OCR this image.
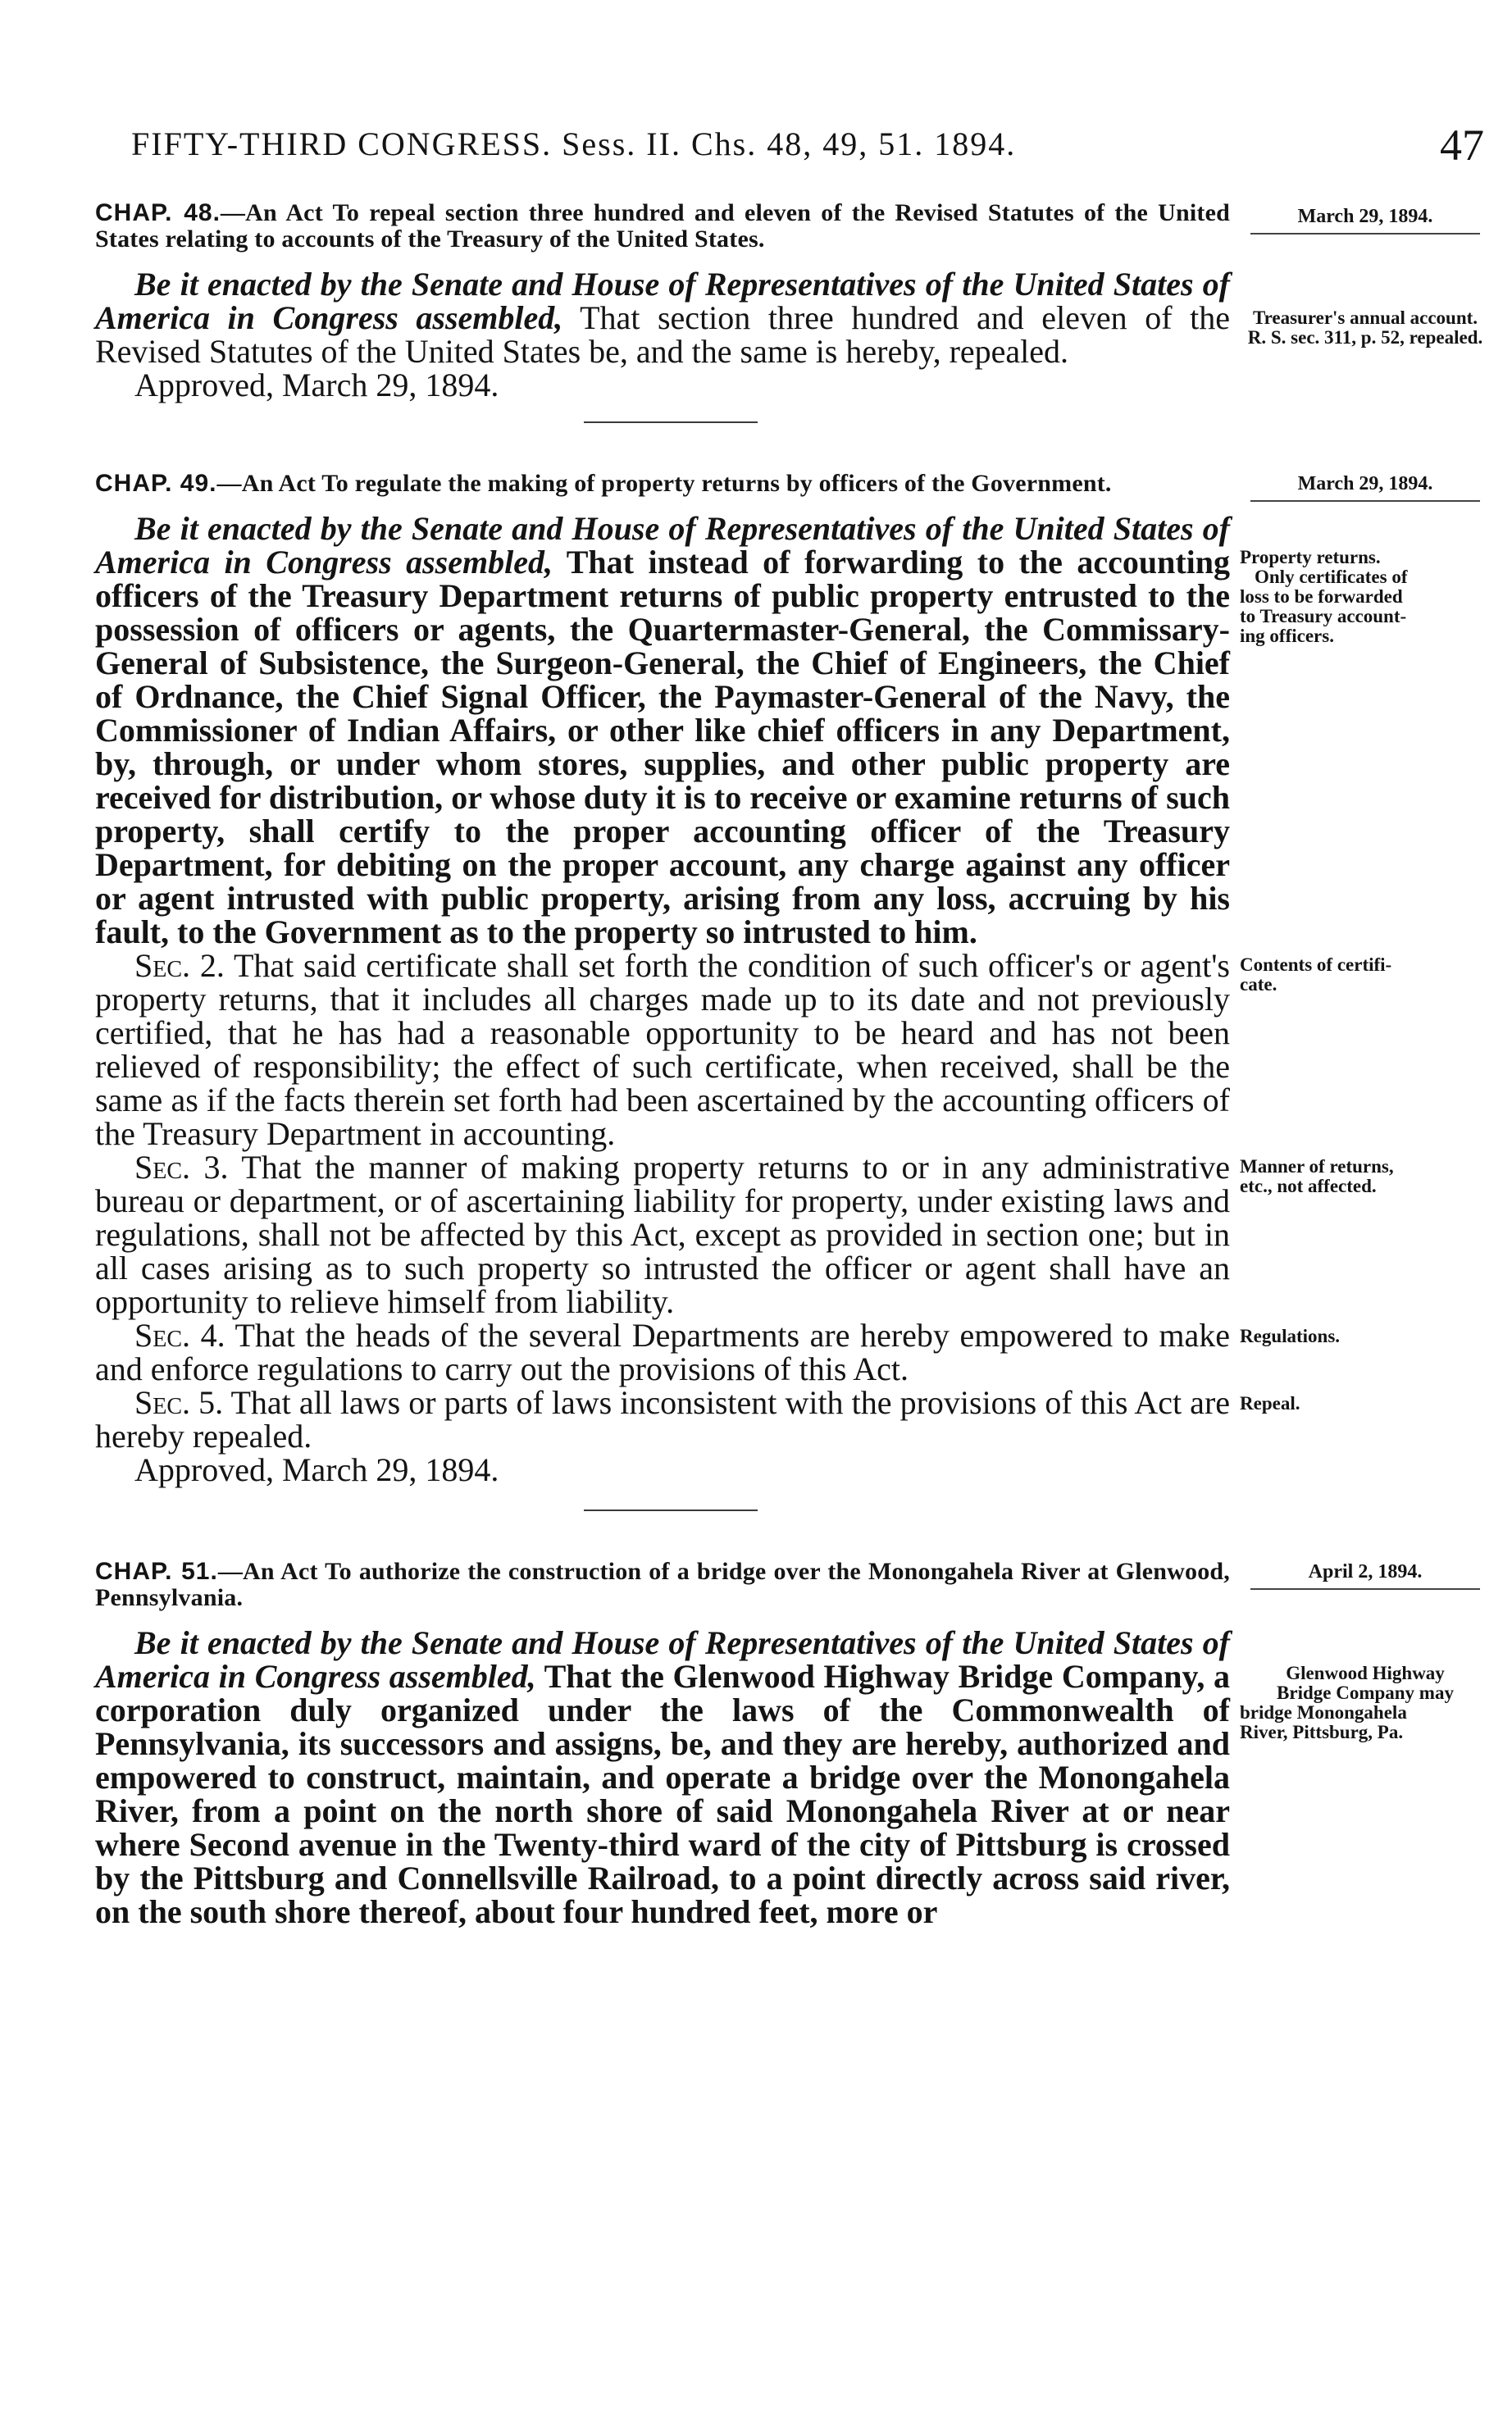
FIFTY-THIRD CONGRESS. Sess. II. Chs. 48, 49, 51. 1894.	47
CHAP. 48.—An Act To repeal section three hundred and eleven of the Revised Statutes of the United States relating to accounts of the Treasury of the United States.

Be it enacted by the Senate and House of Representatives of the United States of America in Congress assembled, That section three hundred and eleven of the Revised Statutes of the United States be, and the same is hereby, repealed.

Approved, March 29, 1894.
CHAP. 49.—An Act To regulate the making of property returns by officers of the Government.

Be it enacted by the Senate and House of Representatives of the United States of America in Congress assembled, That instead of forwarding to the accounting officers of the Treasury Department returns of public property entrusted to the possession of officers or agents, the Quartermaster-General, the Commissary-General of Subsistence, the Surgeon-General, the Chief of Engineers, the Chief of Ordnance, the Chief Signal Officer, the Paymaster-General of the Navy, the Commissioner of Indian Affairs, or other like chief officers in any Department, by, through, or under whom stores, supplies, and other public property are received for distribution, or whose duty it is to receive or examine returns of such property, shall certify to the proper accounting officer of the Treasury Department, for debiting on the proper account, any charge against any officer or agent intrusted with public property, arising from any loss, accruing by his fault, to the Government as to the property so intrusted to him.

Sec. 2. That said certificate shall set forth the condition of such officer's or agent's property returns, that it includes all charges made up to its date and not previously certified, that he has had a reasonable opportunity to be heard and has not been relieved of responsibility; the effect of such certificate, when received, shall be the same as if the facts therein set forth had been ascertained by the accounting officers of the Treasury Department in accounting.

Sec. 3. That the manner of making property returns to or in any administrative bureau or department, or of ascertaining liability for property, under existing laws and regulations, shall not be affected by this Act, except as provided in section one; but in all cases arising as to such property so intrusted the officer or agent shall have an opportunity to relieve himself from liability.

Sec. 4. That the heads of the several Departments are hereby empowered to make and enforce regulations to carry out the provisions of this Act.

Sec. 5. That all laws or parts of laws inconsistent with the provisions of this Act are hereby repealed.

Approved, March 29, 1894.
CHAP. 51.—An Act To authorize the construction of a bridge over the Monongahela River at Glenwood, Pennsylvania.

Be it enacted by the Senate and House of Representatives of the United States of America in Congress assembled, That the Glenwood Highway Bridge Company, a corporation duly organized under the laws of the Commonwealth of Pennsylvania, its successors and assigns, be, and they are hereby, authorized and empowered to construct, maintain, and operate a bridge over the Monongahela River, from a point on the north shore of said Monongahela River at or near where Second avenue in the Twenty-third ward of the city of Pittsburg is crossed by the Pittsburg and Connellsville Railroad, to a point directly across said river, on the south shore thereof, about four hundred feet, more or

March 29, 1894.
Treasurer's annual account.
R. S. sec. 311, p. 52, repealed.
March 29, 1894.
Property returns.
Only certificates of
loss to be forwarded
to Treasury account-
ing officers.
Contents of certifi-
cate.
Manner of returns,
etc., not affected.
Regulations.
Repeal.
April 2, 1894.
Glenwood Highway
Bridge Company may
bridge Monongahela
River, Pittsburg, Pa.
